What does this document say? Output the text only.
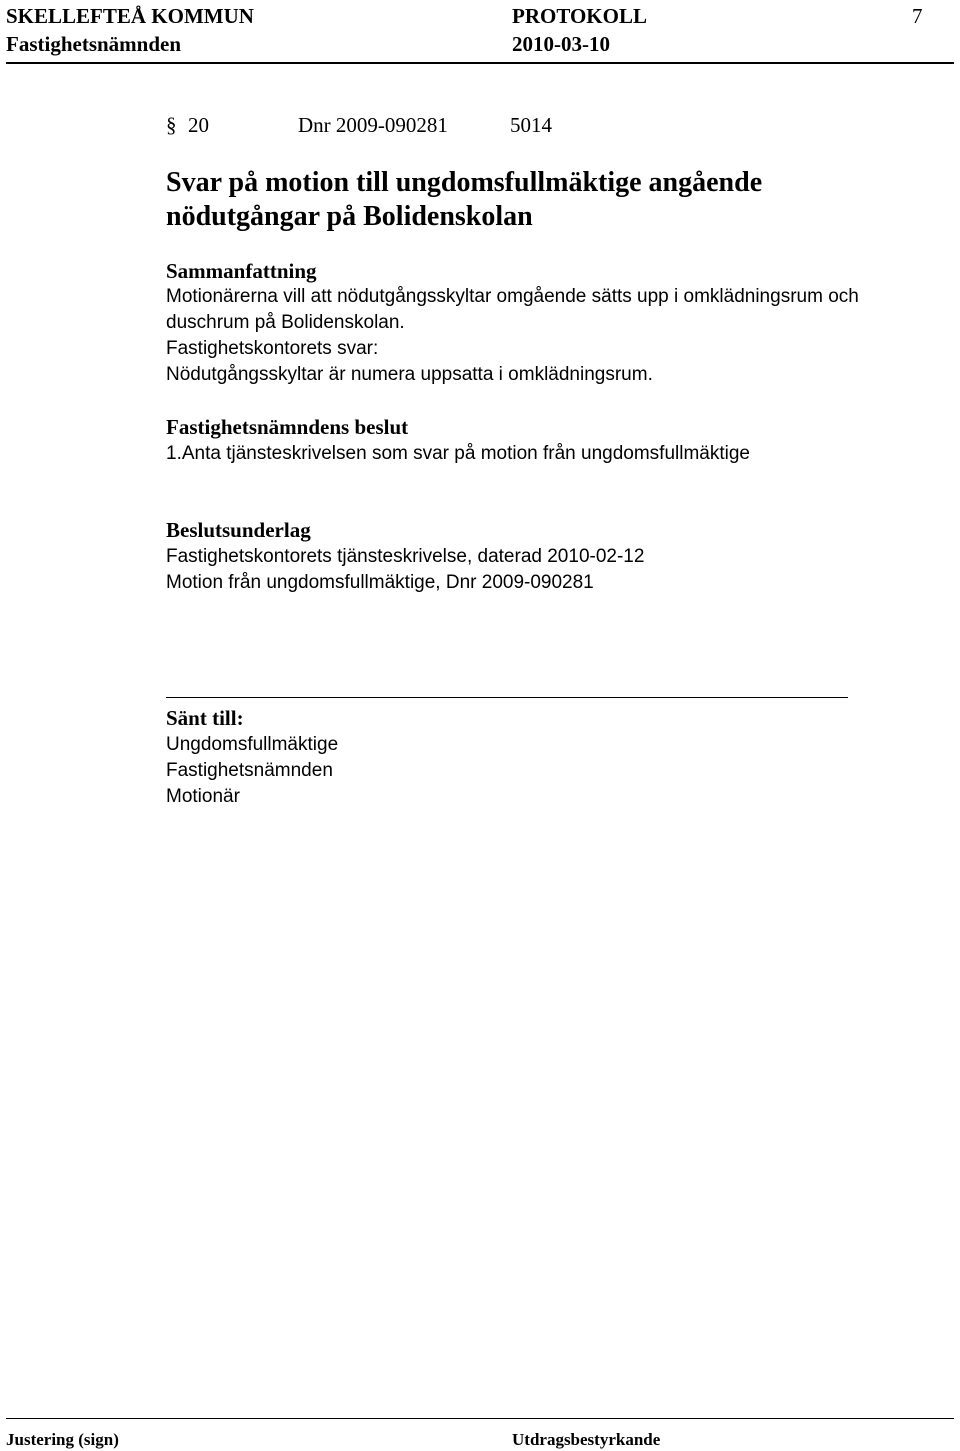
SKELLEFTEÅ KOMMUN	PROTOKOLL	7
Fastighetsnämnden	2010-03-10
§ 20	Dnr 2009-090281	5014
Svar på motion till ungdomsfullmäktige angående
nödutgångar på Bolidenskolan
Sammanfattning

Motionärerna vill att nödutgångsskyltar omgående sätts upp i omklädningsrum och

duschrum på Bolidenskolan.

Fastighetskontorets svar:

Nödutgångsskyltar är numera uppsatta i omklädningsrum.

Fastighetsnämndens beslut

1.Anta tjänsteskrivelsen som svar på motion från ungdomsfullmäktige

Beslutsunderlag

Fastighetskontorets tjänsteskrivelse, daterad 2010-02-12

Motion från ungdomsfullmäktige, Dnr 2009-090281

Sänt till:

Ungdomsfullmäktige

Fastighetsnämnden

Motionär

Justering (sign)	Utdragsbestyrkande
